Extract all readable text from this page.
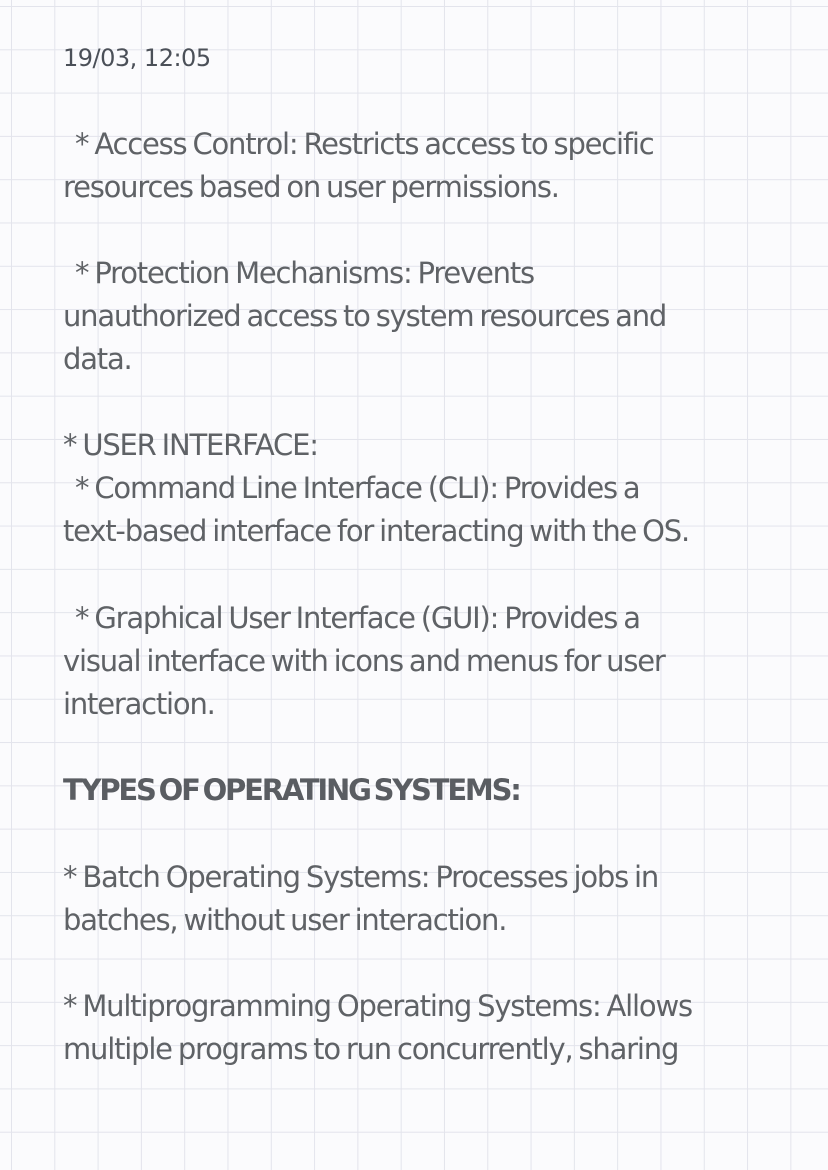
19/03, 12:05
* Access Control: Restricts access to specific
resources based on user permissions.
* Protection Mechanisms: Prevents
unauthorized access to system resources and
data.
* USER INTERFACE:
* Command Line Interface (CLI): Provides a
text-based interface for interacting with the OS.
* Graphical User Interface (GUI): Provides a
visual interface with icons and menus for user
interaction.
TYPES OF OPERATING SYSTEMS:
* Batch Operating Systems: Processes jobs in
batches, without user interaction.
* Multiprogramming Operating Systems: Allows
multiple programs to run concurrently, sharing
